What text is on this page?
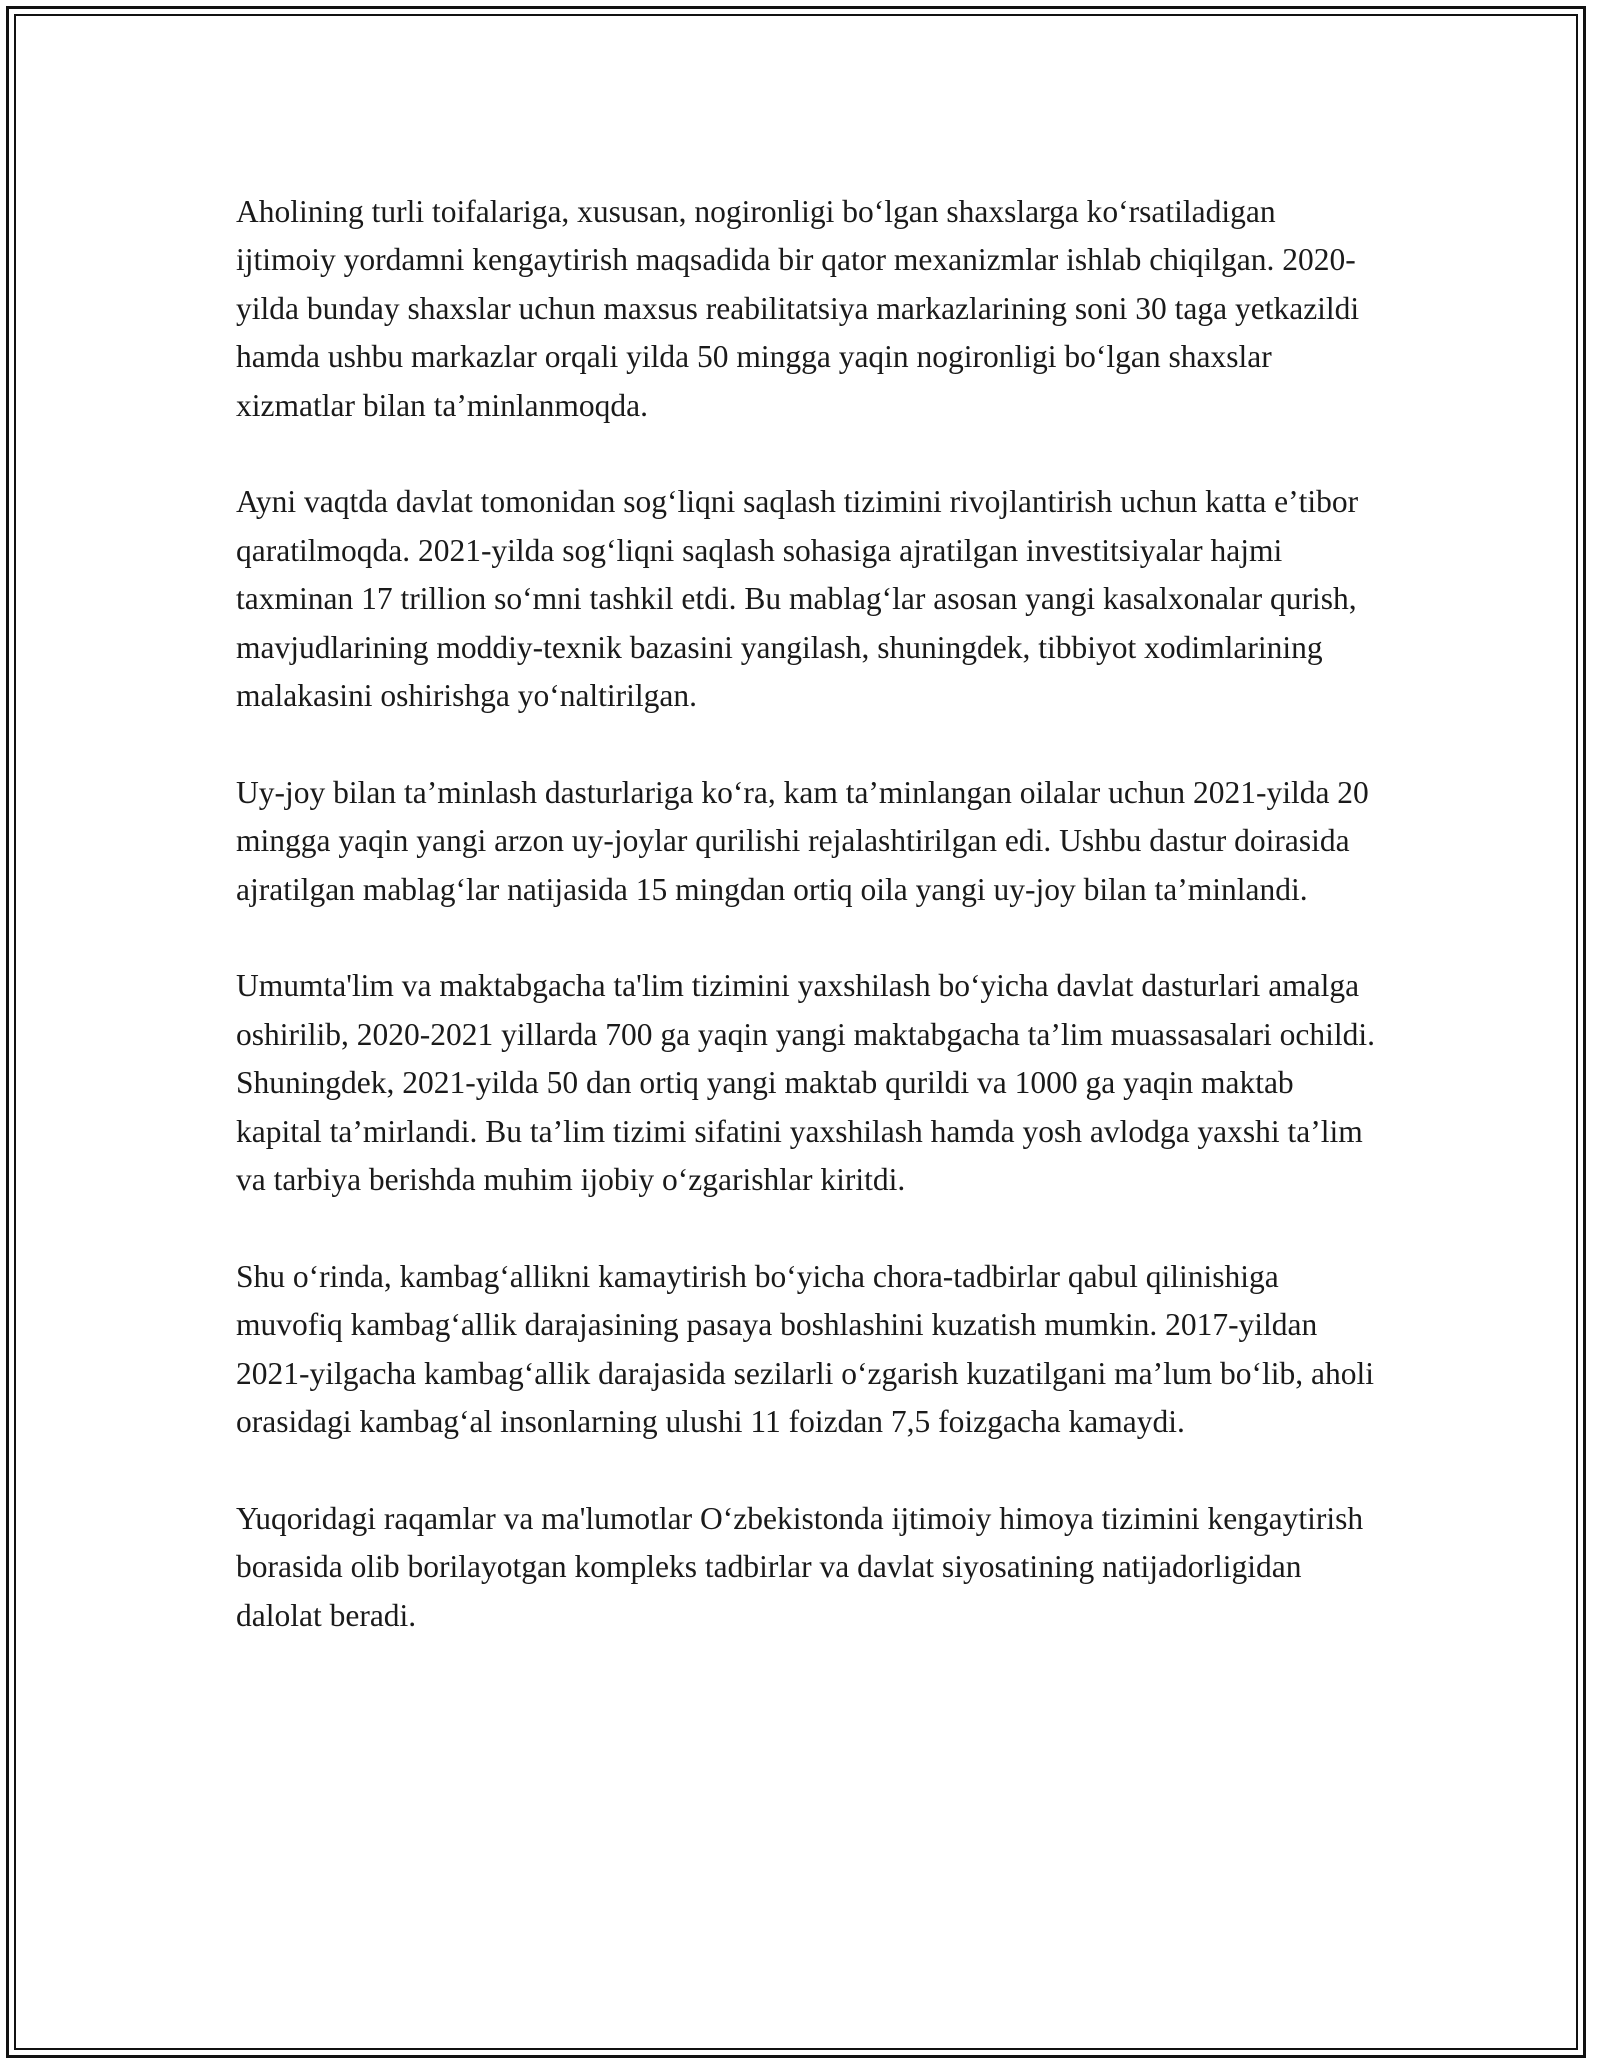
Aholining turli toifalariga, xususan, nogironligi boʻlgan shaxslarga koʻrsatiladigan ijtimoiy yordamni kengaytirish maqsadida bir qator mexanizmlar ishlab chiqilgan. 2020-yilda bunday shaxslar uchun maxsus reabilitatsiya markazlarining soni 30 taga yetkazildi hamda ushbu markazlar orqali yilda 50 mingga yaqin nogironligi boʻlgan shaxslar xizmatlar bilan taʼminlanmoqda.

Ayni vaqtda davlat tomonidan sogʻliqni saqlash tizimini rivojlantirish uchun katta eʼtibor qaratilmoqda. 2021-yilda sogʻliqni saqlash sohasiga ajratilgan investitsiyalar hajmi taxminan 17 trillion soʻmni tashkil etdi. Bu mablagʻlar asosan yangi kasalxonalar qurish, mavjudlarining moddiy-texnik bazasini yangilash, shuningdek, tibbiyot xodimlarining malakasini oshirishga yoʻnaltirilgan.

Uy-joy bilan taʼminlash dasturlariga koʻra, kam taʼminlangan oilalar uchun 2021-yilda 20 mingga yaqin yangi arzon uy-joylar qurilishi rejalashtirilgan edi. Ushbu dastur doirasida ajratilgan mablagʻlar natijasida 15 mingdan ortiq oila yangi uy-joy bilan taʼminlandi.

Umumta'lim va maktabgacha ta'lim tizimini yaxshilash boʻyicha davlat dasturlari amalga oshirilib, 2020-2021 yillarda 700 ga yaqin yangi maktabgacha taʼlim muassasalari ochildi. Shuningdek, 2021-yilda 50 dan ortiq yangi maktab qurildi va 1000 ga yaqin maktab kapital taʼmirlandi. Bu taʼlim tizimi sifatini yaxshilash hamda yosh avlodga yaxshi taʼlim va tarbiya berishda muhim ijobiy oʻzgarishlar kiritdi.

Shu oʻrinda, kambagʻallikni kamaytirish boʻyicha chora-tadbirlar qabul qilinishiga muvofiq kambagʻallik darajasining pasaya boshlashini kuzatish mumkin. 2017-yildan 2021-yilgacha kambagʻallik darajasida sezilarli oʻzgarish kuzatilgani maʼlum boʻlib, aholi orasidagi kambagʻal insonlarning ulushi 11 foizdan 7,5 foizgacha kamaydi.

Yuqoridagi raqamlar va ma'lumotlar Oʻzbekistonda ijtimoiy himoya tizimini kengaytirish borasida olib borilayotgan kompleks tadbirlar va davlat siyosatining natijadorligidan dalolat beradi.
